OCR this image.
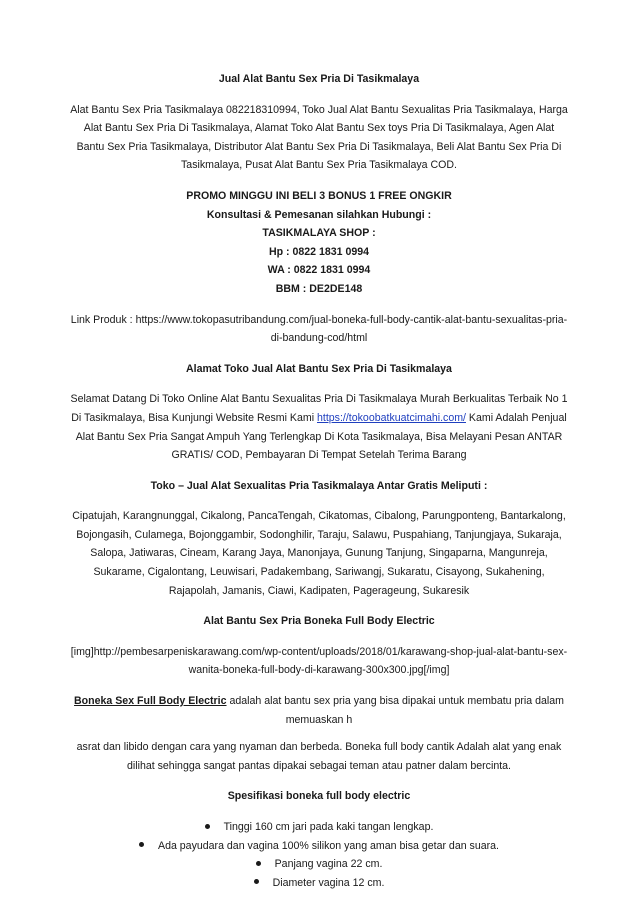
Jual Alat Bantu Sex Pria Di Tasikmalaya

Alat Bantu Sex Pria Tasikmalaya 082218310994, Toko Jual Alat Bantu Sexualitas Pria Tasikmalaya, Harga Alat Bantu Sex Pria Di Tasikmalaya, Alamat Toko Alat Bantu Sex toys Pria Di Tasikmalaya, Agen Alat Bantu Sex Pria Tasikmalaya, Distributor Alat Bantu Sex Pria Di Tasikmalaya, Beli Alat Bantu Sex Pria Di Tasikmalaya, Pusat Alat Bantu Sex Pria Tasikmalaya COD.

PROMO MINGGU INI BELI 3 BONUS 1 FREE ONGKIR

Konsultasi & Pemesanan silahkan Hubungi :

TASIKMALAYA SHOP :

Hp : 0822 1831 0994

WA : 0822 1831 0994

BBM : DE2DE148

Link Produk : https://www.tokopasutribandung.com/jual-boneka-full-body-cantik-alat-bantu-sexualitas-pria-di-bandung-cod/html

Alamat Toko Jual Alat Bantu Sex Pria Di Tasikmalaya

Selamat Datang Di Toko Online Alat Bantu Sexualitas Pria Di Tasikmalaya Murah Berkualitas Terbaik No 1 Di Tasikmalaya, Bisa Kunjungi Website Resmi Kami https://tokoobatkuatcimahi.com/ Kami Adalah Penjual Alat Bantu Sex Pria Sangat Ampuh Yang Terlengkap Di Kota Tasikmalaya, Bisa Melayani Pesan ANTAR GRATIS/ COD, Pembayaran Di Tempat Setelah Terima Barang

Toko – Jual Alat Sexualitas Pria Tasikmalaya Antar Gratis Meliputi :

Cipatujah, Karangnunggal, Cikalong, PancaTengah, Cikatomas, Cibalong, Parungponteng, Bantarkalong, Bojongasih, Culamega, Bojonggambir, Sodonghilir, Taraju, Salawu, Puspahiang, Tanjungjaya, Sukaraja, Salopa, Jatiwaras, Cineam, Karang Jaya, Manonjaya, Gunung Tanjung, Singaparna, Mangunreja, Sukarame, Cigalontang, Leuwisari, Padakembang, Sariwangj, Sukaratu, Cisayong, Sukahening, Rajapolah, Jamanis, Ciawi, Kadipaten, Pagerageung, Sukaresik

Alat Bantu Sex Pria Boneka Full Body Electric

[img]http://pembesarpeniskarawang.com/wp-content/uploads/2018/01/karawang-shop-jual-alat-bantu-sex-wanita-boneka-full-body-di-karawang-300x300.jpg[/img]

Boneka Sex Full Body Electric adalah alat bantu sex pria yang bisa dipakai untuk membatu pria dalam memuaskan h

asrat dan libido dengan cara yang nyaman dan berbeda. Boneka full body cantik Adalah alat yang enak dilihat sehingga sangat pantas dipakai sebagai teman atau patner dalam bercinta.

Spesifikasi boneka full body electric

Tinggi 160 cm jari pada kaki tangan lengkap.
Ada payudara dan vagina 100% silikon yang aman bisa getar dan suara.
Panjang vagina 22 cm.
Diameter vagina 12 cm.
